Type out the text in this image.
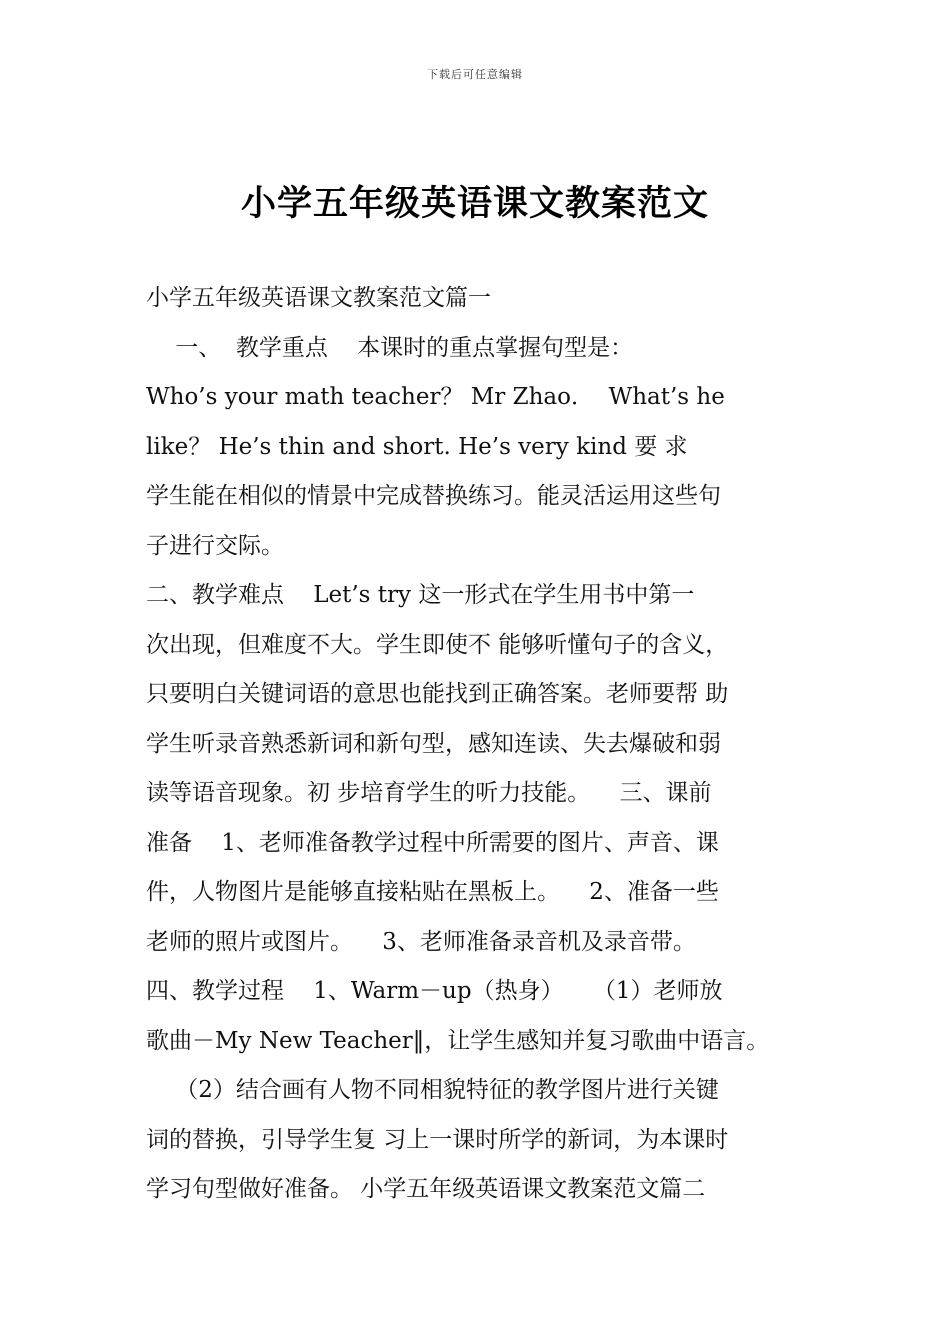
下载后可任意编辑
小学五年级英语课文教案范文
小学五年级英语课文教案范文篇一
一、  教学重点    本课时的重点掌握句型是：
Who’s your math teacher？ Mr Zhao．  What’s he
like？ He’s thin and short. He’s very kind 要 求
学生能在相似的情景中完成替换练习。能灵活运用这些句
子进行交际。
二、教学难点    Let’s try 这一形式在学生用书中第一
次出现，但难度不大。学生即使不 能够听懂句子的含义，
只要明白关键词语的意思也能找到正确答案。老师要帮 助
学生听录音熟悉新词和新句型，感知连读、失去爆破和弱
读等语音现象。初 步培育学生的听力技能。    三、课前
准备    1、老师准备教学过程中所需要的图片、声音、课
件，人物图片是能够直接粘贴在黑板上。    2、准备一些
老师的照片或图片。    3、老师准备录音机及录音带。
四、教学过程    1、Warm－up（热身）    （1）老师放
歌曲－My New Teacher‖，让学生感知并复习歌曲中语言。
（2）结合画有人物不同相貌特征的教学图片进行关键
词的替换，引导学生复 习上一课时所学的新词，为本课时
学习句型做好准备。 小学五年级英语课文教案范文篇二
